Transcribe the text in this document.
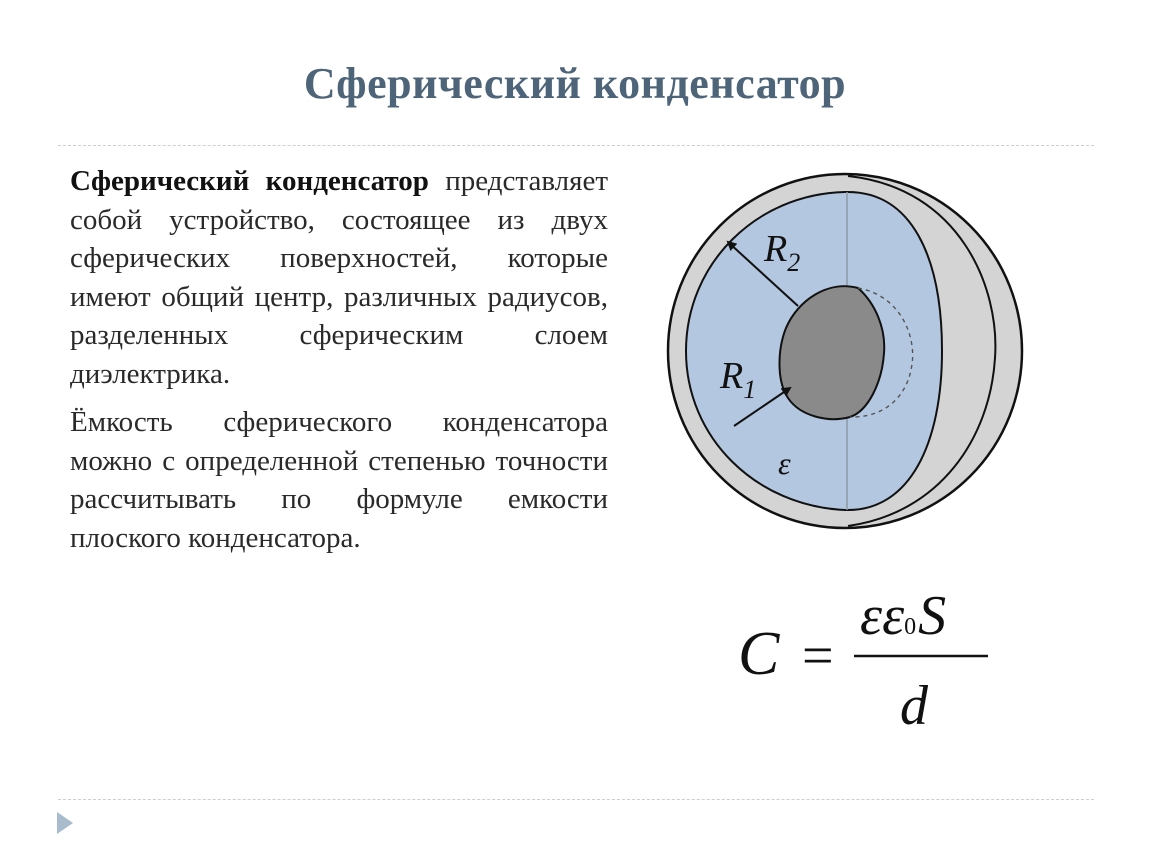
Сферический конденсатор

Сферический конденсатор представляет собой устройство, состоящее из двух сферических поверхностей, которые имеют общий центр, различных радиусов, разделенных сферическим слоем диэлектрика.

Ёмкость сферического конденсатора можно с определенной степенью точности рассчитывать по формуле емкости плоского конденсатора.

$R_2$
$R_1$
ε
C =
εε0S
d
